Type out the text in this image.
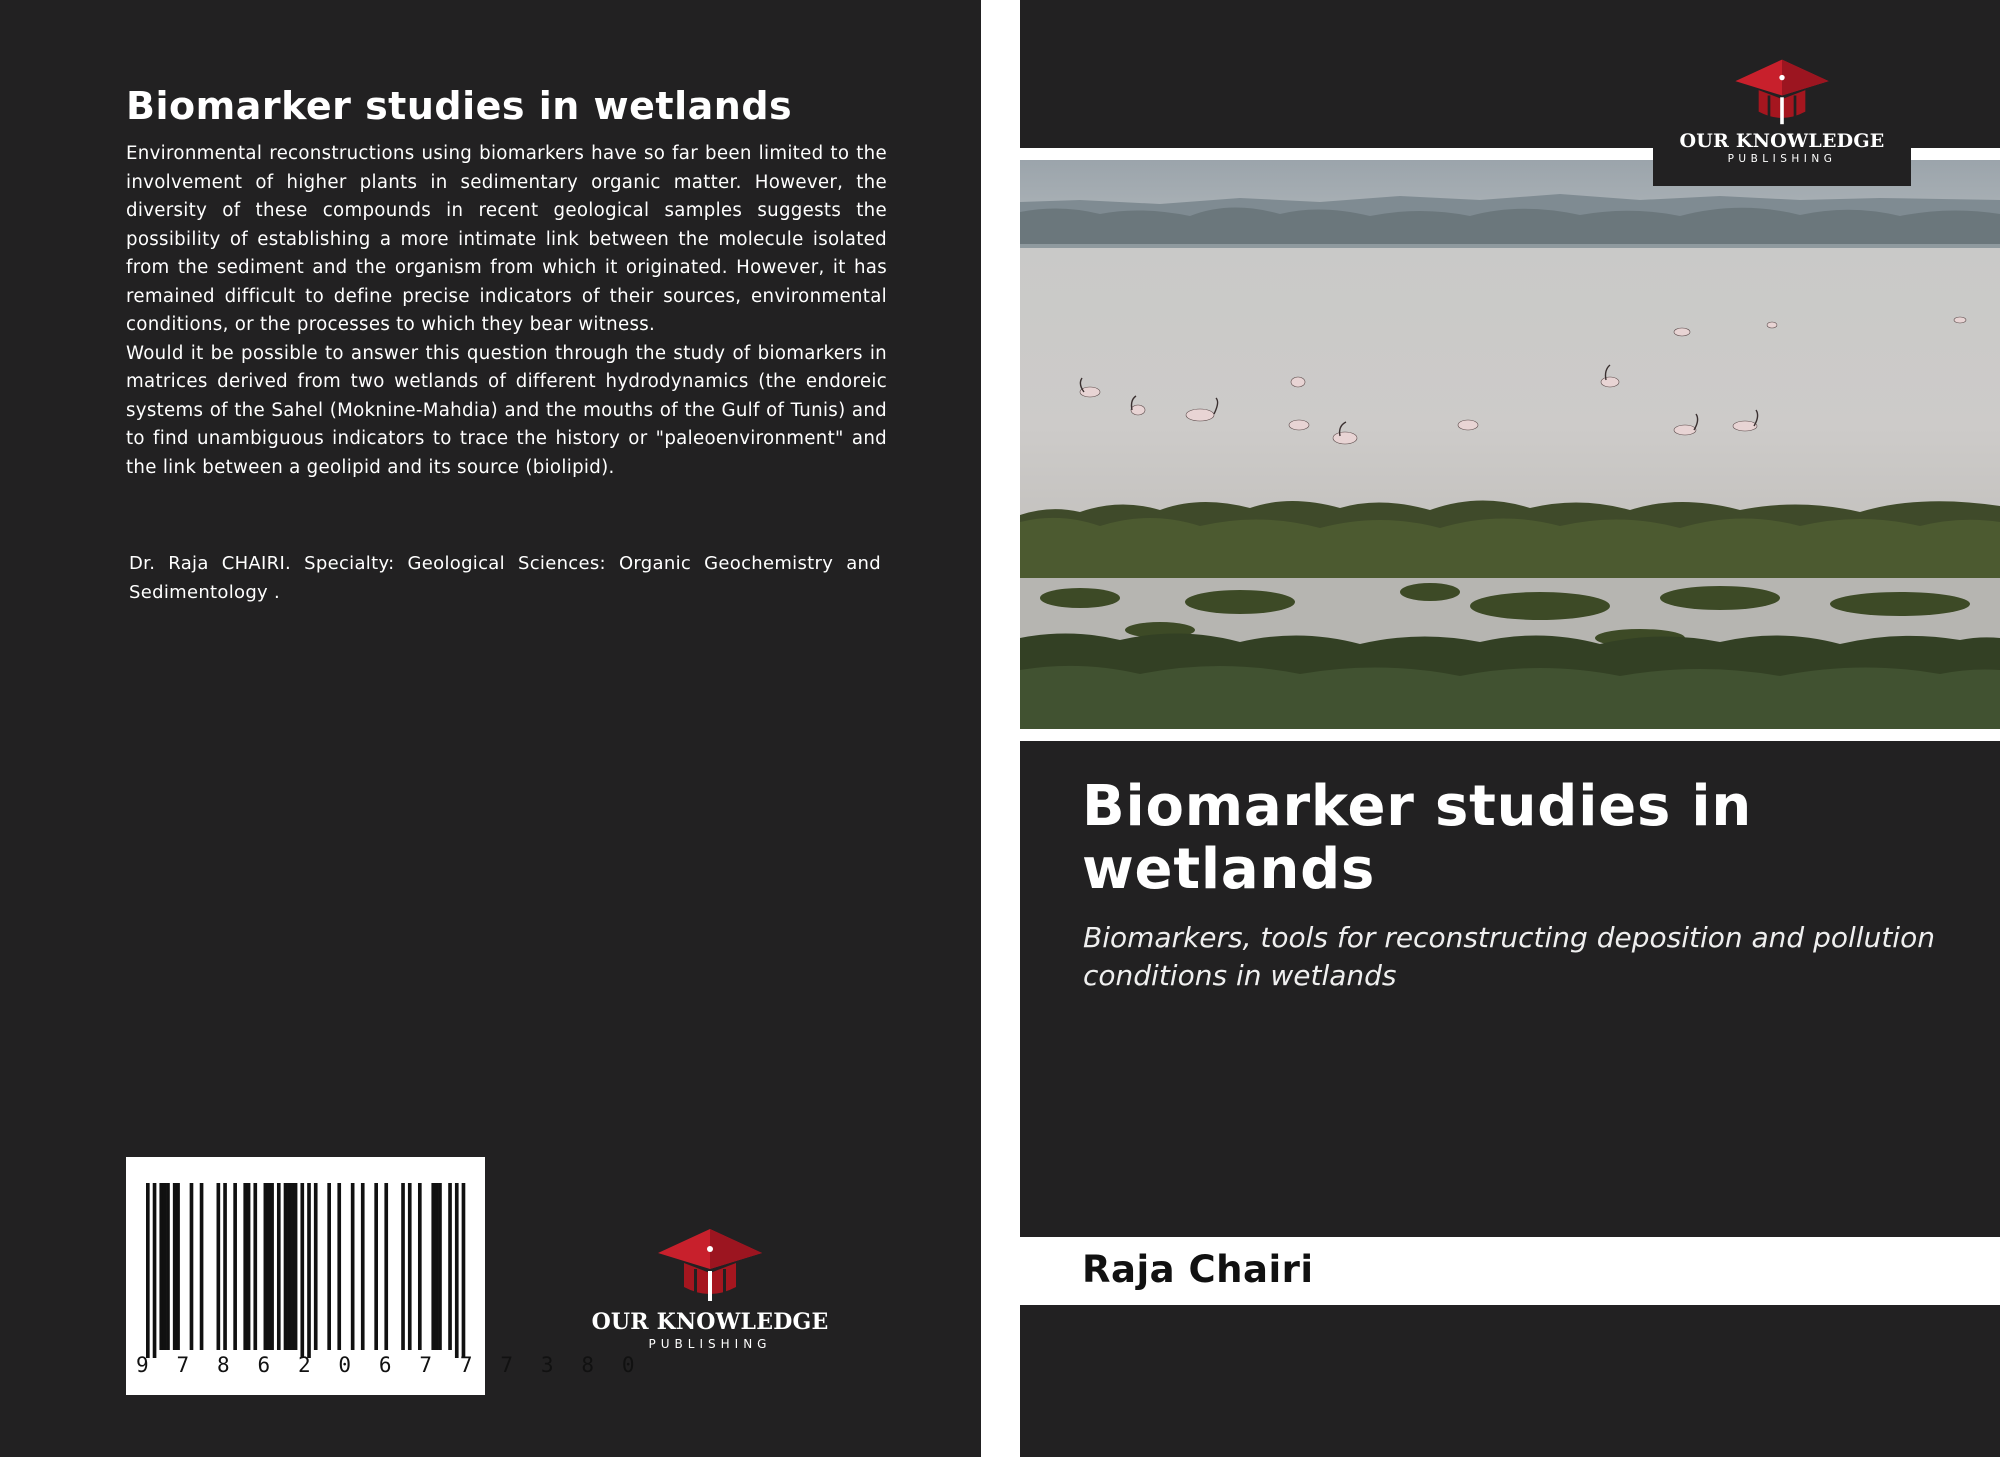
Biomarker studies in wetlands

Environmental reconstructions using biomarkers have so far been limited to the involvement of higher plants in sedimentary organic matter. However, the diversity of these compounds in recent geological samples suggests the possibility of establishing a more intimate link between the molecule isolated from the sediment and the organism from which it originated. However, it has remained difficult to define precise indicators of their sources, environmental conditions, or the processes to which they bear witness.

Would it be possible to answer this question through the study of biomarkers in matrices derived from two wetlands of different hydrodynamics (the endoreic systems of the Sahel (Moknine-Mahdia) and the mouths of the Gulf of Tunis) and to find unambiguous indicators to trace the history or "paleoenvironment" and the link between a geolipid and its source (biolipid).

Dr. Raja CHAIRI. Specialty: Geological Sciences: Organic Geochemistry and Sedimentology .
9 7 8 6 2 0 6 7 7 7 3 8 0
OUR KNOWLEDGE
PUBLISHING
OUR KNOWLEDGE
PUBLISHING
Biomarker studies in wetlands
Biomarkers, tools for reconstructing deposition and pollution conditions in wetlands
Raja Chairi
